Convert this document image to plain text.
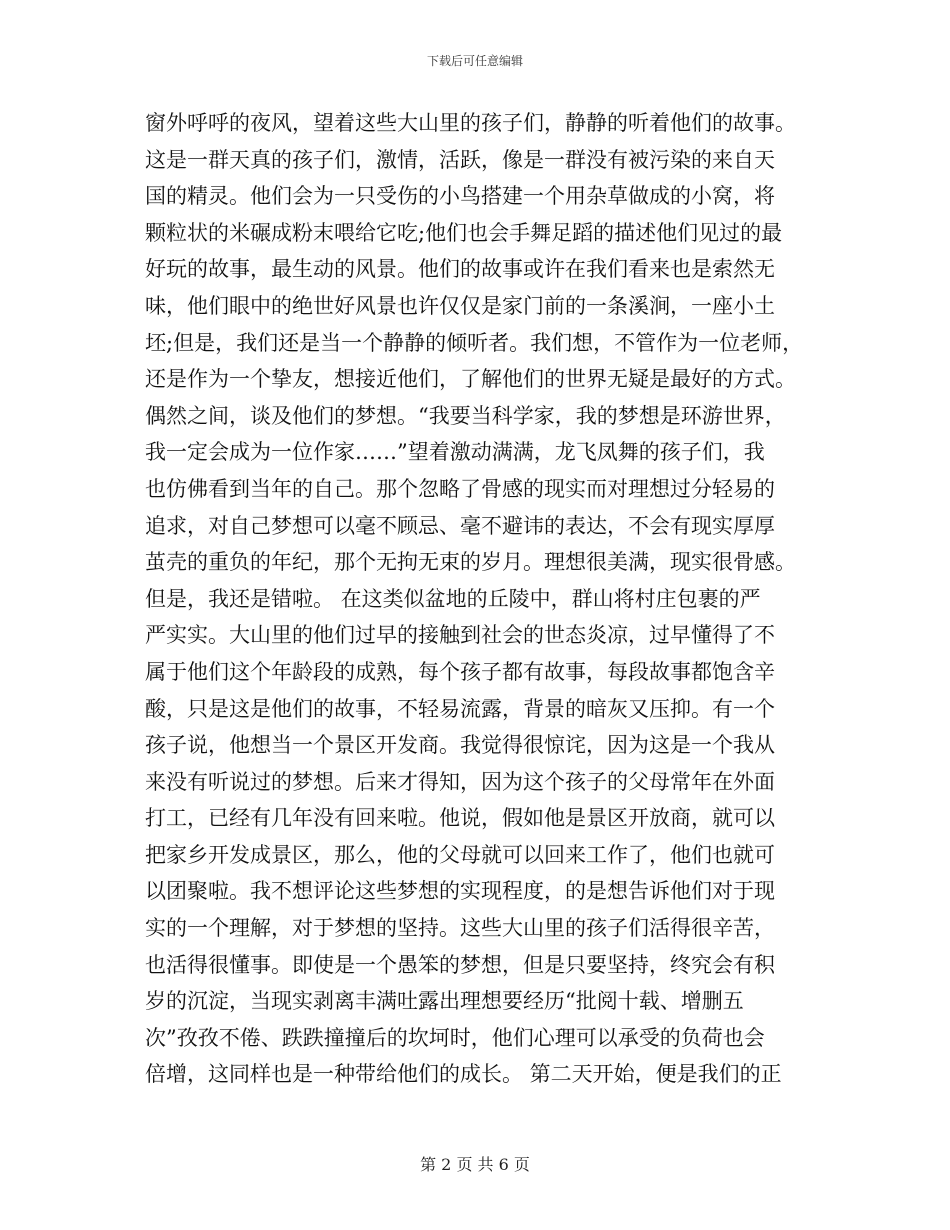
下载后可任意编辑
窗外呼呼的夜风，望着这些大山里的孩子们，静静的听着他们的故事。
这是一群天真的孩子们，激情，活跃，像是一群没有被污染的来自天
国的精灵。他们会为一只受伤的小鸟搭建一个用杂草做成的小窝，将
颗粒状的米碾成粉末喂给它吃;他们也会手舞足蹈的描述他们见过的最
好玩的故事，最生动的风景。他们的故事或许在我们看来也是索然无
味，他们眼中的绝世好风景也许仅仅是家门前的一条溪涧，一座小土
坯;但是，我们还是当一个静静的倾听者。我们想，不管作为一位老师，
还是作为一个挚友，想接近他们，了解他们的世界无疑是最好的方式。
偶然之间，谈及他们的梦想。“我要当科学家，我的梦想是环游世界，
我一定会成为一位作家……”望着激动满满，龙飞凤舞的孩子们，我
也仿佛看到当年的自己。那个忽略了骨感的现实而对理想过分轻易的
追求，对自己梦想可以毫不顾忌、毫不避讳的表达，不会有现实厚厚
茧壳的重负的年纪，那个无拘无束的岁月。理想很美满，现实很骨感。
但是，我还是错啦。 在这类似盆地的丘陵中，群山将村庄包裹的严
严实实。大山里的他们过早的接触到社会的世态炎凉，过早懂得了不
属于他们这个年龄段的成熟，每个孩子都有故事，每段故事都饱含辛
酸，只是这是他们的故事，不轻易流露，背景的暗灰又压抑。有一个
孩子说，他想当一个景区开发商。我觉得很惊诧，因为这是一个我从
来没有听说过的梦想。后来才得知，因为这个孩子的父母常年在外面
打工，已经有几年没有回来啦。他说，假如他是景区开放商，就可以
把家乡开发成景区，那么，他的父母就可以回来工作了，他们也就可
以团聚啦。我不想评论这些梦想的实现程度，的是想告诉他们对于现
实的一个理解，对于梦想的坚持。这些大山里的孩子们活得很辛苦，
也活得很懂事。即使是一个愚笨的梦想，但是只要坚持，终究会有积
岁的沉淀，当现实剥离丰满吐露出理想要经历“批阅十载、增删五
次”孜孜不倦、跌跌撞撞后的坎坷时，他们心理可以承受的负荷也会
倍增，这同样也是一种带给他们的成长。 第二天开始，便是我们的正
第 2 页 共 6 页
